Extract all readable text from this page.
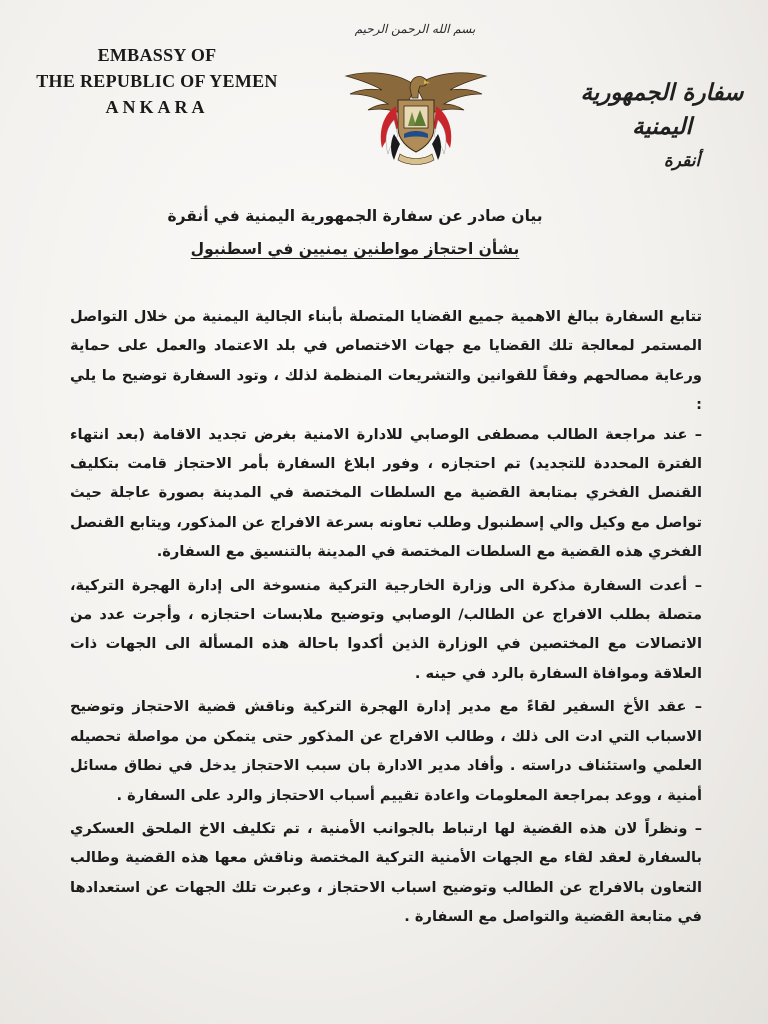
EMBASSY OF
THE REPUBLIC OF YEMEN
ANKARA
بسم الله الرحمن الرحيم
سفارة الجمهورية اليمنية
أنقرة
بيان صادر عن سفارة الجمهورية اليمنية في أنقرة
بشأن احتجاز مواطنين يمنيين في اسطنبول

تتابع السفارة ببالغ الاهمية جميع القضايا المتصلة بأبناء الجالية اليمنية من خلال التواصل المستمر لمعالجة تلك القضايا مع جهات الاختصاص في بلد الاعتماد والعمل على حماية ورعاية مصالحهم وفقاً للقوانين والتشريعات المنظمة لذلك ، وتود السفارة توضيح ما يلي :

– عند مراجعة الطالب مصطفى الوصابي للادارة الامنية بغرض تجديد الاقامة (بعد انتهاء الفترة المحددة للتجديد) تم احتجازه ، وفور ابلاغ السفارة بأمر الاحتجاز قامت بتكليف القنصل الفخري بمتابعة القضية مع السلطات المختصة في المدينة بصورة عاجلة حيث تواصل مع وكيل والي إسطنبول وطلب تعاونه بسرعة الافراج عن المذكور، ويتابع القنصل الفخري هذه القضية مع السلطات المختصة في المدينة بالتنسيق مع السفارة.

– أعدت السفارة مذكرة الى وزارة الخارجية التركية منسوخة الى إدارة الهجرة التركية، متصلة بطلب الافراج عن الطالب/ الوصابي وتوضيح ملابسات احتجازه ، وأجرت عدد من الاتصالات مع المختصين في الوزارة الذين أكدوا باحالة هذه المسألة الى الجهات ذات العلاقة وموافاة السفارة بالرد في حينه .

– عقد الأخ السفير لقاءً مع مدير إدارة الهجرة التركية وناقش قضية الاحتجاز وتوضيح الاسباب التي ادت الى ذلك ، وطالب الافراج عن المذكور حتى يتمكن من مواصلة تحصيله العلمي واستئناف دراسته . وأفاد مدير الادارة بان سبب الاحتجاز يدخل في نطاق مسائل أمنية ، ووعد بمراجعة المعلومات واعادة تقييم أسباب الاحتجاز والرد على السفارة .

– ونظراً لان هذه القضية لها ارتباط بالجوانب الأمنية ، تم تكليف الاخ الملحق العسكري بالسفارة لعقد لقاء مع الجهات الأمنية التركية المختصة وناقش معها هذه القضية وطالب التعاون بالافراج عن الطالب وتوضيح اسباب الاحتجاز ، وعبرت تلك الجهات عن استعدادها في متابعة القضية والتواصل مع السفارة .
